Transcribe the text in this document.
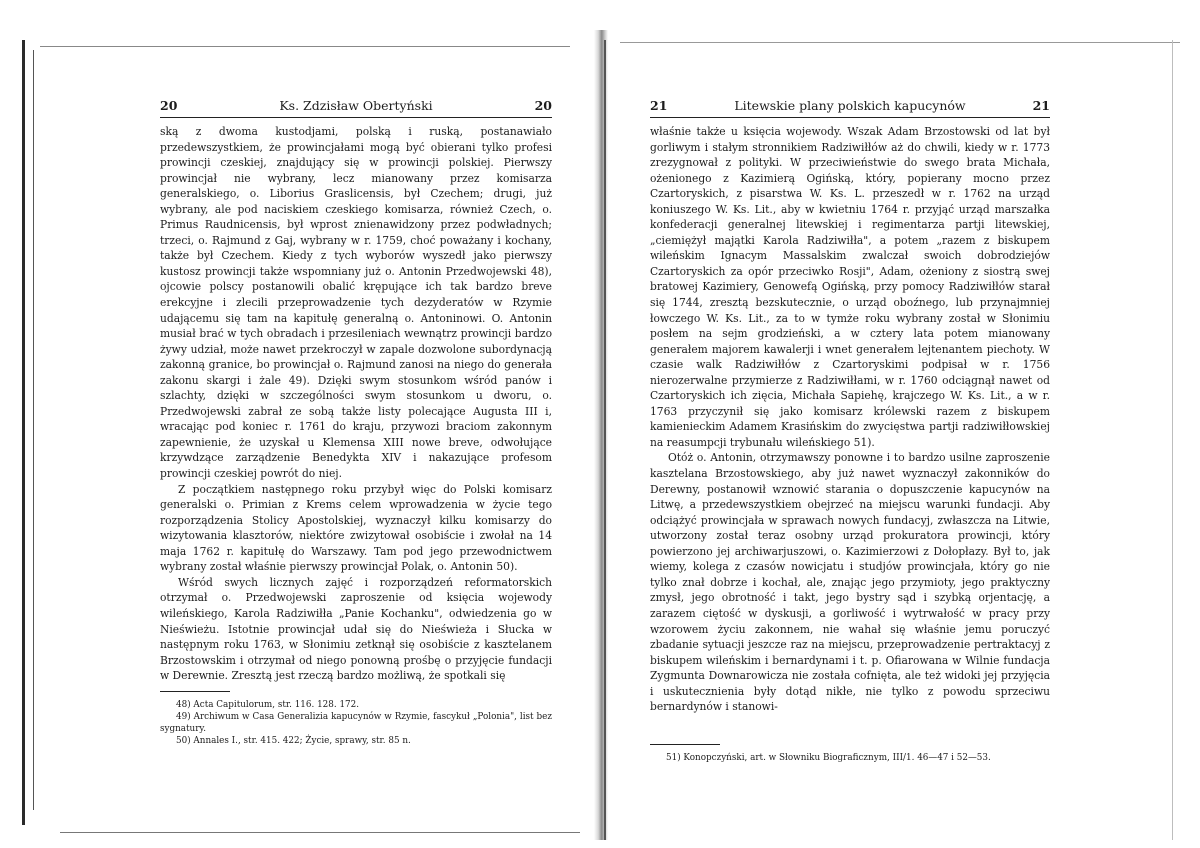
20	Ks. Zdzisław Obertyński	20

ską z dwoma kustodjami, polską i ruską, postanawiało przedewszystkiem, że prowincjałami mogą być obierani tylko profesi prowincji czeskiej, znajdujący się w prowincji polskiej. Pierwszy prowincjał nie wybrany, lecz mianowany przez komisarza generalskiego, o. Liborius Graslicensis, był Czechem; drugi, już wybrany, ale pod naciskiem czeskiego komisarza, również Czech, o. Primus Raudnicensis, był wprost znienawidzony przez podwładnych; trzeci, o. Rajmund z Gaj, wybrany w r. 1759, choć poważany i kochany, także był Czechem. Kiedy z tych wyborów wyszedł jako pierwszy kustosz prowincji także wspomniany już o. Antonin Przedwojewski 48), ojcowie polscy postanowili obalić krępujące ich tak bardzo breve erekcyjne i zlecili przeprowadzenie tych dezyderatów w Rzymie udającemu się tam na kapitułę generalną o. Antoninowi. O. Antonin musiał brać w tych obradach i przesileniach wewnątrz prowincji bardzo żywy udział, może nawet przekroczył w zapale dozwolone subordynacją zakonną granice, bo prowincjał o. Rajmund zanosi na niego do generała zakonu skargi i żale 49). Dzięki swym stosunkom wśród panów i szlachty, dzięki w szczególności swym stosunkom u dworu, o. Przedwojewski zabrał ze sobą także listy polecające Augusta III i, wracając pod koniec r. 1761 do kraju, przywozi braciom zakonnym zapewnienie, że uzyskał u Klemensa XIII nowe breve, odwołujące krzywdzące zarządzenie Benedykta XIV i nakazujące profesom prowincji czeskiej powrót do niej.

Z początkiem następnego roku przybył więc do Polski komisarz generalski o. Primian z Krems celem wprowadzenia w życie tego rozporządzenia Stolicy Apostolskiej, wyznaczył kilku komisarzy do wizytowania klasztorów, niektóre zwizytował osobiście i zwołał na 14 maja 1762 r. kapitułę do Warszawy. Tam pod jego przewodnictwem wybrany został właśnie pierwszy prowincjał Polak, o. Antonin 50).

Wśród swych licznych zajęć i rozporządzeń reformatorskich otrzymał o. Przedwojewski zaproszenie od księcia wojewody wileńskiego, Karola Radziwiłła „Panie Kochanku", odwiedzenia go w Nieświeżu. Istotnie prowincjał udał się do Nieświeża i Słucka w następnym roku 1763, w Słonimiu zetknął się osobiście z kasztelanem Brzostowskim i otrzymał od niego ponowną prośbę o przyjęcie fundacji w Derewnie. Zresztą jest rzeczą bardzo możliwą, że spotkali się

48) Acta Capitulorum, str. 116. 128. 172.

49) Archiwum w Casa Generalizia kapucynów w Rzymie, fascykuł „Polonia", list bez sygnatury.

50) Annales I., str. 415. 422; Życie, sprawy, str. 85 n.

21	Litewskie plany polskich kapucynów	21

właśnie także u księcia wojewody. Wszak Adam Brzostowski od lat był gorliwym i stałym stronnikiem Radziwiłłów aż do chwili, kiedy w r. 1773 zrezygnował z polityki. W przeciwieństwie do swego brata Michała, ożenionego z Kazimierą Ogińską, który, popierany mocno przez Czartoryskich, z pisarstwa W. Ks. L. przeszedł w r. 1762 na urząd koniuszego W. Ks. Lit., aby w kwietniu 1764 r. przyjąć urząd marszałka konfederacji generalnej litewskiej i regimentarza partji litewskiej, „ciemiężył majątki Karola Radziwiłła", a potem „razem z biskupem wileńskim Ignacym Massalskim zwalczał swoich dobrodziejów Czartoryskich za opór przeciwko Rosji", Adam, ożeniony z siostrą swej bratowej Kazimiery, Genowefą Ogińską, przy pomocy Radziwiłłów starał się 1744, zresztą bezskutecznie, o urząd oboźnego, lub przynajmniej łowczego W. Ks. Lit., za to w tymże roku wybrany został w Słonimiu posłem na sejm grodzieński, a w cztery lata potem mianowany generałem majorem kawalerji i wnet generałem lejtenantem piechoty. W czasie walk Radziwiłłów z Czartoryskimi podpisał w r. 1756 nierozerwalne przymierze z Radziwiłłami, w r. 1760 odciągnął nawet od Czartoryskich ich zięcia, Michała Sapiehę, krajczego W. Ks. Lit., a w r. 1763 przyczynił się jako komisarz królewski razem z biskupem kamienieckim Adamem Krasińskim do zwycięstwa partji radziwiłłowskiej na reasumpcji trybunału wileńskiego 51).

Otóż o. Antonin, otrzymawszy ponowne i to bardzo usilne zaproszenie kasztelana Brzostowskiego, aby już nawet wyznaczył zakonników do Derewny, postanowił wznowić starania o dopuszczenie kapucynów na Litwę, a przedewszystkiem obejrzeć na miejscu warunki fundacji. Aby odciążyć prowincjała w sprawach nowych fundacyj, zwłaszcza na Litwie, utworzony został teraz osobny urząd prokuratora prowincji, który powierzono jej archiwarjuszowi, o. Kazimierzowi z Dołopłazy. Był to, jak wiemy, kolega z czasów nowicjatu i studjów prowincjała, który go nie tylko znał dobrze i kochał, ale, znając jego przymioty, jego praktyczny zmysł, jego obrotność i takt, jego bystry sąd i szybką orjentację, a zarazem ciętość w dyskusji, a gorliwość i wytrwałość w pracy przy wzorowem życiu zakonnem, nie wahał się właśnie jemu poruczyć zbadanie sytuacji jeszcze raz na miejscu, przeprowadzenie pertraktacyj z biskupem wileńskim i bernardynami i t. p. Ofiarowana w Wilnie fundacja Zygmunta Downarowicza nie została cofnięta, ale też widoki jej przyjęcia i uskutecznienia były dotąd nikłe, nie tylko z powodu sprzeciwu bernardynów i stanowi-

51) Konopczyński, art. w Słowniku Biograficznym, III/1. 46—47 i 52—53.
